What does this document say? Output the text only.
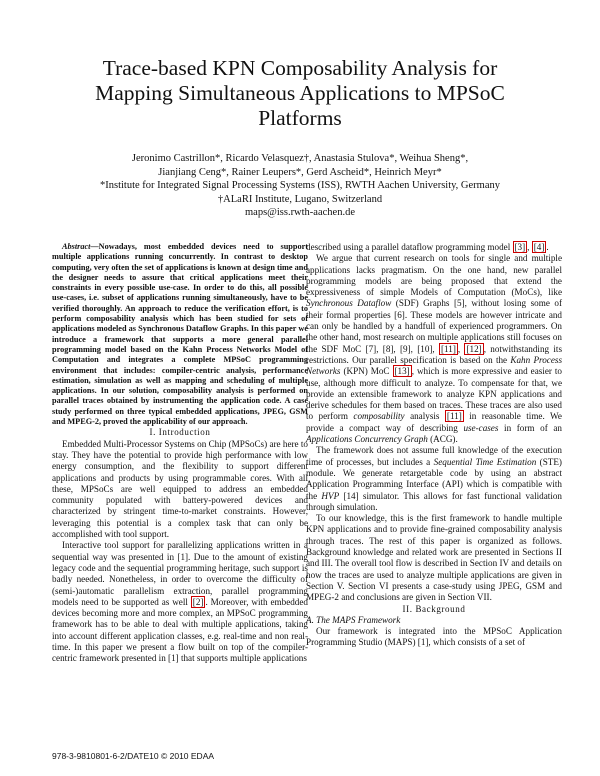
Trace-based KPN Composability Analysis for
Mapping Simultaneous Applications to MPSoC
Platforms
Jeronimo Castrillon*, Ricardo Velasquez†, Anastasia Stulova*, Weihua Sheng*,
Jianjiang Ceng*, Rainer Leupers*, Gerd Ascheid*, Heinrich Meyr*
*Institute for Integrated Signal Processing Systems (ISS), RWTH Aachen University, Germany
†ALaRI Institute, Lugano, Switzerland
maps@iss.rwth-aachen.de

Abstract—Nowadays, most embedded devices need to support multiple applications running concurrently. In contrast to desktop computing, very often the set of applications is known at design time and the designer needs to assure that critical applications meet their constraints in every possible use-case. In order to do this, all possible use-cases, i.e. subset of applications running simultaneously, have to be verified thoroughly. An approach to reduce the verification effort, is to perform composability analysis which has been studied for sets of applications modeled as Synchronous Dataflow Graphs. In this paper we introduce a framework that supports a more general parallel programming model based on the Kahn Process Networks Model of Computation and integrates a complete MPSoC programming environment that includes: compiler-centric analysis, performance estimation, simulation as well as mapping and scheduling of multiple applications. In our solution, composability analysis is performed on parallel traces obtained by instrumenting the application code. A case study performed on three typical embedded applications, JPEG, GSM and MPEG-2, proved the applicability of our approach.

I. Introduction

Embedded Multi-Processor Systems on Chip (MPSoCs) are here to stay. They have the potential to provide high performance with low energy consumption, and the flexibility to support different applications and products by using programmable cores. With all these, MPSoCs are well equipped to address an embedded community populated with battery-powered devices and characterized by stringent time-to-market constraints. However, leveraging this potential is a complex task that can only be accomplished with tool support.

Interactive tool support for parallelizing applications written in a sequential way was presented in [1]. Due to the amount of existing legacy code and the sequential programming heritage, such support is badly needed. Nonetheless, in order to overcome the difficulty of (semi-)automatic parallelism extraction, parallel programming models need to be supported as well [2] . Moreover, with embedded devices becoming more and more complex, an MPSoC programming framework has to be able to deal with multiple applications, taking into account different application classes, e.g. real-time and non real-time. In this paper we present a flow built on top of the compiler-centric framework presented in [1] that supports multiple applications

described using a parallel dataflow programming model [3] , [4] .

We argue that current research on tools for single and multiple applications lacks pragmatism. On the one hand, new parallel programming models are being proposed that extend the expressiveness of simple Models of Computation (MoCs), like Synchronous Dataflow (SDF) Graphs [5], without losing some of their formal properties [6]. These models are however intricate and can only be handled by a handfull of experienced programmers. On the other hand, most research on multiple applications still focuses on the SDF MoC [7], [8], [9], [10], [11] , [12] , notwithstanding its restrictions. Our parallel specification is based on the Kahn Process Networks (KPN) MoC [13] , which is more expressive and easier to use, although more difficult to analyze. To compensate for that, we provide an extensible framework to analyze KPN applications and derive schedules for them based on traces. These traces are also used to perform composability analysis [11] in reasonable time. We provide a compact way of describing use-cases in form of an Applications Concurrency Graph (ACG).

The framework does not assume full knowledge of the execution time of processes, but includes a Sequential Time Estimation (STE) module. We generate retargetable code by using an abstract Application Programming Interface (API) which is compatible with the HVP [14] simulator. This allows for fast functional validation through simulation.

To our knowledge, this is the first framework to handle multiple KPN applications and to provide fine-grained composability analysis through traces. The rest of this paper is organized as follows. Background knowledge and related work are presented in Sections II and III. The overall tool flow is described in Section IV and details on how the traces are used to analyze multiple applications are given in Section V. Section VI presents a case-study using JPEG, GSM and MPEG-2 and conclusions are given in Section VII.

II. Background

A. The MAPS Framework

Our framework is integrated into the MPSoC Application Programming Studio (MAPS) [1], which consists of a set of

978-3-9810801-6-2/DATE10 © 2010 EDAA
